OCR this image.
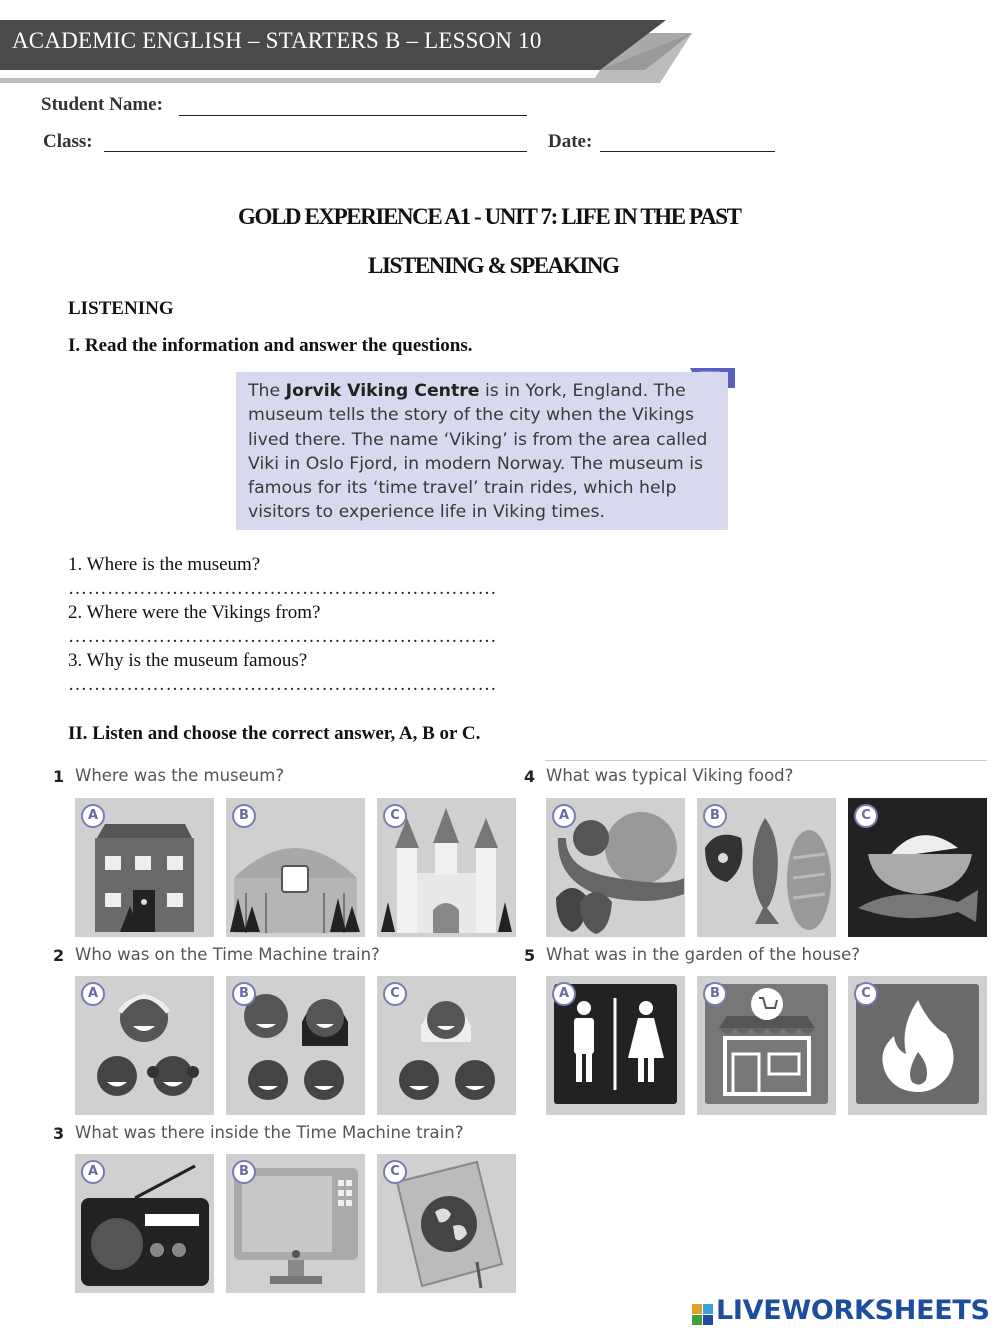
ACADEMIC ENGLISH – STARTERS B – LESSON 10
Student Name:
Class:	Date:
GOLD EXPERIENCE A1 - UNIT 7: LIFE IN THE PAST
LISTENING & SPEAKING
LISTENING
I. Read the information and answer the questions.
The Jorvik Viking Centre is in York, England. The museum tells the story of the city when the Vikings lived there. The name ‘Viking’ is from the area called Viki in Oslo Fjord, in modern Norway. The museum is famous for its ‘time travel’ train rides, which help visitors to experience life in Viking times.
1. Where is the museum?
…………………………………………………………
2. Where were the Vikings from?
…………………………………………………………
3. Why is the museum famous?
…………………………………………………………
II. Listen and choose the correct answer, A, B or C.
1 Where was the museum?	4 What was typical Viking food?
2 Who was on the Time Machine train?	5 What was in the garden of the house?
3 What was there inside the Time Machine train?
A	B	C
A	B	C
A	B	C
A	B	C
A	B	C

LIVEWORKSHEETS
